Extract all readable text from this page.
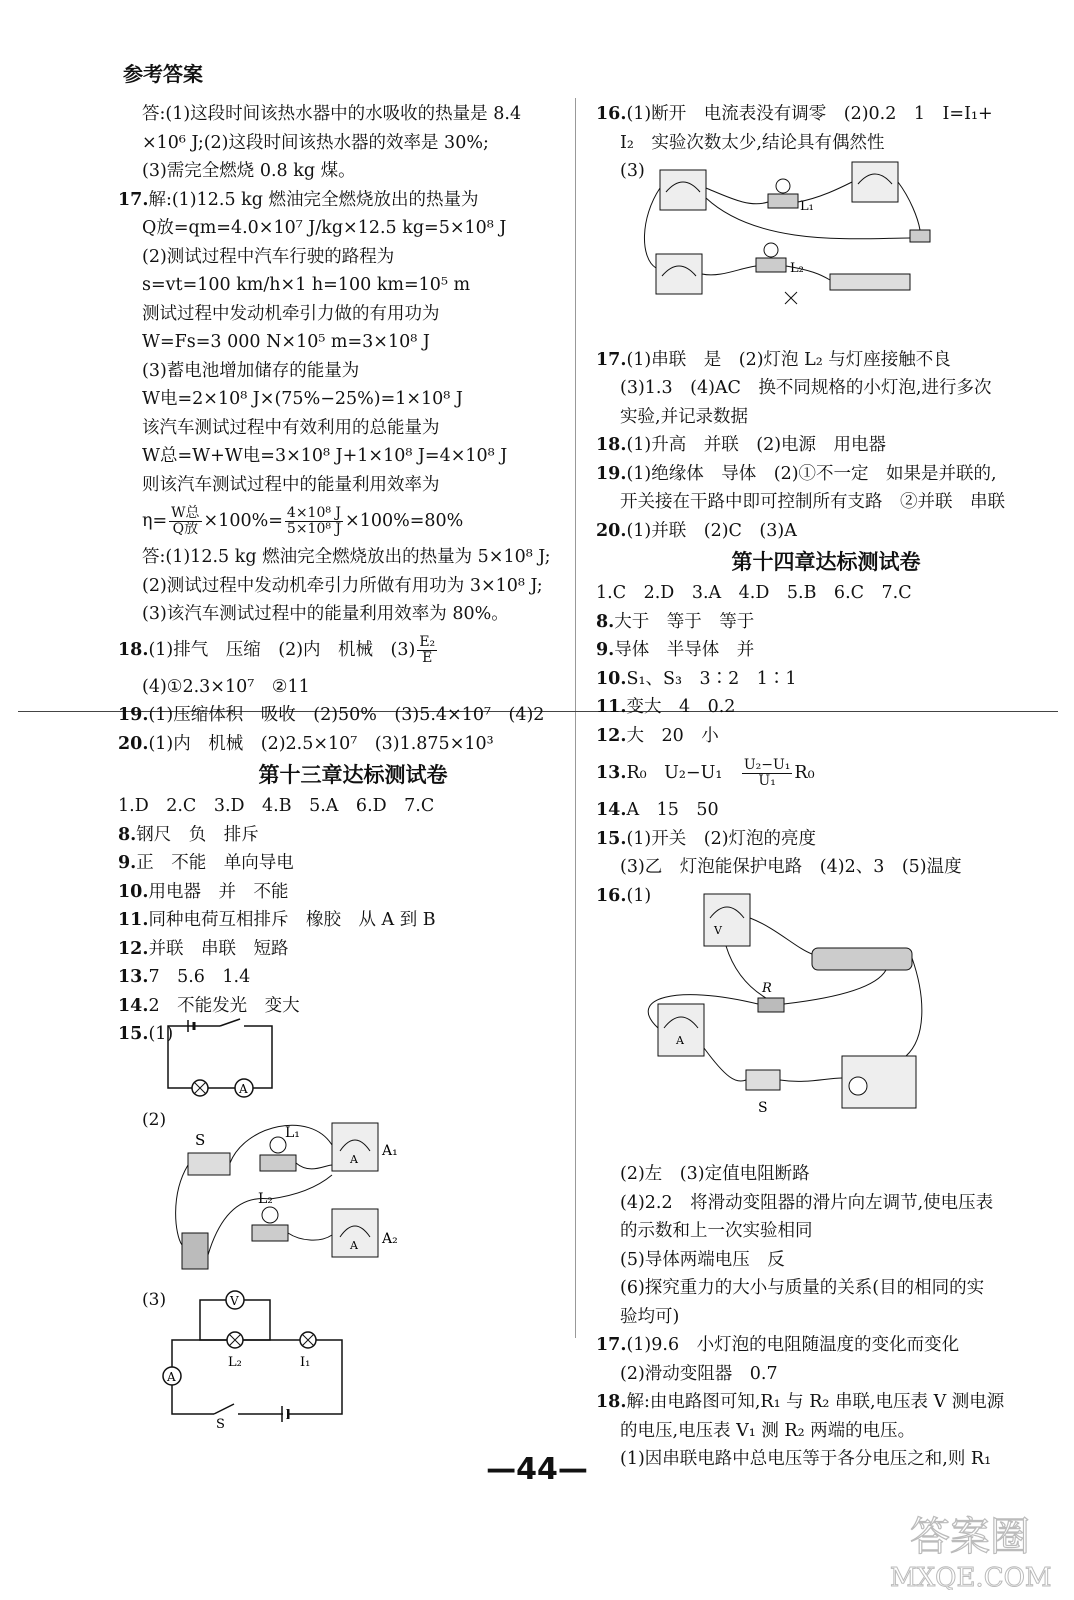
参考答案
答:(1)这段时间该热水器中的水吸收的热量是 8.4
×10⁶ J;(2)这段时间该热水器的效率是 30%;
(3)需完全燃烧 0.8 kg 煤。
17.解:(1)12.5 kg 燃油完全燃烧放出的热量为
Q放=qm=4.0×10⁷ J/kg×12.5 kg=5×10⁸ J
(2)测试过程中汽车行驶的路程为
s=vt=100 km/h×1 h=100 km=10⁵ m
测试过程中发动机牵引力做的有用功为
W=Fs=3 000 N×10⁵ m=3×10⁸ J
(3)蓄电池增加储存的能量为
W电=2×10⁸ J×(75%−25%)=1×10⁸ J
该汽车测试过程中有效利用的总能量为
W总=W+W电=3×10⁸ J+1×10⁸ J=4×10⁸ J
则该汽车测试过程中的能量利用效率为
η= W总
Q放 $\times 100\%= \frac{\text{4×10⁸ J}}{\text{5×10⁸ J}} \times 100\%=80\%$
答:(1)12.5 kg 燃油完全燃烧放出的热量为 5×10⁸ J;
(2)测试过程中发动机牵引力所做有用功为 3×10⁸ J;
(3)该汽车测试过程中的能量利用效率为 80%。
18. (1)排气　压缩　(2)内　机械　$(3) \frac{\text{E₂}}{E}$
(4)①2.3×10⁷　②11
19.(1)压缩体积　吸收　(2)50%　(3)5.4×10⁷　(4)2
20.(1)内　机械　(2)2.5×10⁷　(3)1.875×10³
第十三章达标测试卷
1.D　2.C　3.D　4.B　5.A　6.D　7.C
8.钢尺　负　排斥
9.正　不能　单向导电
10.用电器　并　不能
11.同种电荷互相排斥　橡胶　从 A 到 B
12.并联　串联　短路
13.7　5.6　1.4
14.2　不能发光　变大
15.(1)
A
(2)
S	L₁
A
A₁
L₂
A A₂
(3)	V
L₂	I₁
A
S
16.(1)断开　电流表没有调零　(2)0.2　1　I=I₁+
I₂　实验次数太少,结论具有偶然性
(3)
17.(1)串联　是　(2)灯泡 L₂ 与灯座接触不良
(3)1.3　(4)AC　换不同规格的小灯泡,进行多次
实验,并记录数据
18.(1)升高　并联　(2)电源　用电器
19.(1)绝缘体　导体　(2)①不一定　如果是并联的,
开关接在干路中即可控制所有支路　②并联　串联
20.(1)并联　(2)C　(3)A
第十四章达标测试卷
1.C　2.D　3.A　4.D　5.B　6.C　7.C
8.大于　等于　等于
9.导体　半导体　并
10.S₁、S₃　3∶2　1∶1
11.变大　4　0.2
12.大　20　小
13. R₀　U₂−U₁　 $\frac{\text{U₂−U₁}}{\text{U₁}} R_0$
14.A　15　50
15.(1)开关　(2)灯泡的亮度
(3)乙　灯泡能保护电路　(4)2、3　(5)温度
16.(1)
(2)左　(3)定值电阻断路
(4)2.2　将滑动变阻器的滑片向左调节,使电压表
的示数和上一次实验相同
(5)导体两端电压　反
(6)探究重力的大小与质量的关系(目的相同的实
验均可)
17.(1)9.6　小灯泡的电阻随温度的变化而变化
(2)滑动变阻器　0.7
18.解:由电路图可知,R₁ 与 R₂ 串联,电压表 V 测电源
的电压,电压表 V₁ 测 R₂ 两端的电压。
(1)因串联电路中总电压等于各分电压之和,则 R₁
L₁
L₂
V
R
A
S
—44—
答案圈
MXQE.COM
